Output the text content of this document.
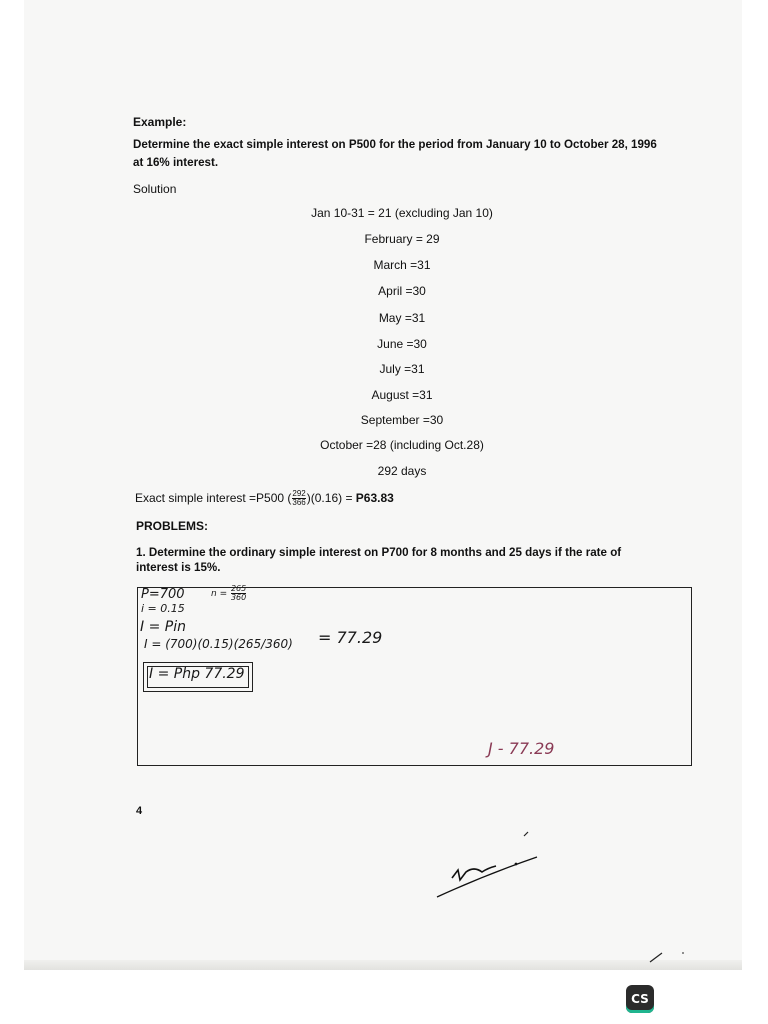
Example:
Determine the exact simple interest on P500 for the period from January 10 to October 28, 1996
at 16% interest.
Solution
Jan 10-31 = 21 (excluding Jan 10)
February = 29
March =31
April =30
May =31
June =30
July =31
August =31
September =30
October =28 (including Oct.28)
292 days
Exact simple interest =P500 ( $\frac{292}{366} )(0.16) = P63.83$
PROBLEMS:
1. Determine the ordinary simple interest on P700 for 8 months and 25 days if the rate of
interest is 15%.
P=700
i = 0.15
$n = \frac{265}{360}$
I = Pin
I = (700)(0.15)(265/360) = 77.29
I = Php 77.29
J - 77.29
4
CS
